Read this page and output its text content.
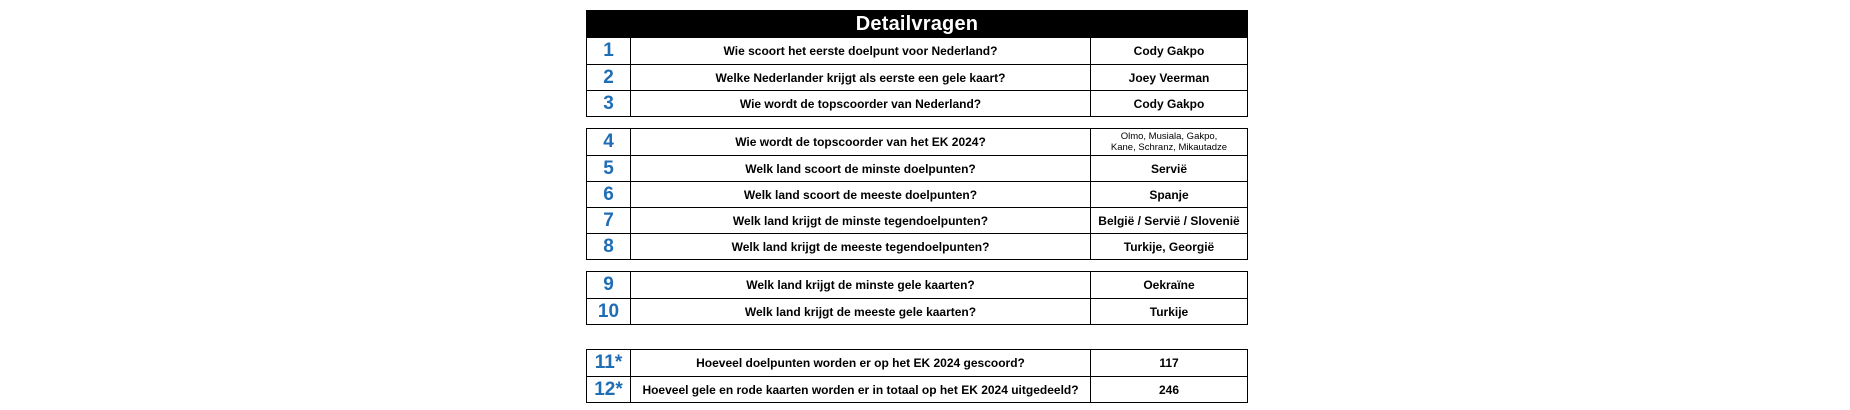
Detailvragen
1	Wie scoort het eerste doelpunt voor Nederland?	Cody Gakpo
2	Welke Nederlander krijgt als eerste een gele kaart?	Joey Veerman
3	Wie wordt de topscoorder van Nederland?	Cody Gakpo
4	Wie wordt de topscoorder van het EK 2024?	Olmo, Musiala, Gakpo,
Kane, Schranz, Mikautadze
5	Welk land scoort de minste doelpunten?	Servië
6	Welk land scoort de meeste doelpunten?	Spanje
7	Welk land krijgt de minste tegendoelpunten?	België / Servië / Slovenië
8	Welk land krijgt de meeste tegendoelpunten?	Turkije, Georgië
9	Welk land krijgt de minste gele kaarten?	Oekraïne
10	Welk land krijgt de meeste gele kaarten?	Turkije
11*	Hoeveel doelpunten worden er op het EK 2024 gescoord?	117
12*	Hoeveel gele en rode kaarten worden er in totaal op het EK 2024 uitgedeeld?	246
